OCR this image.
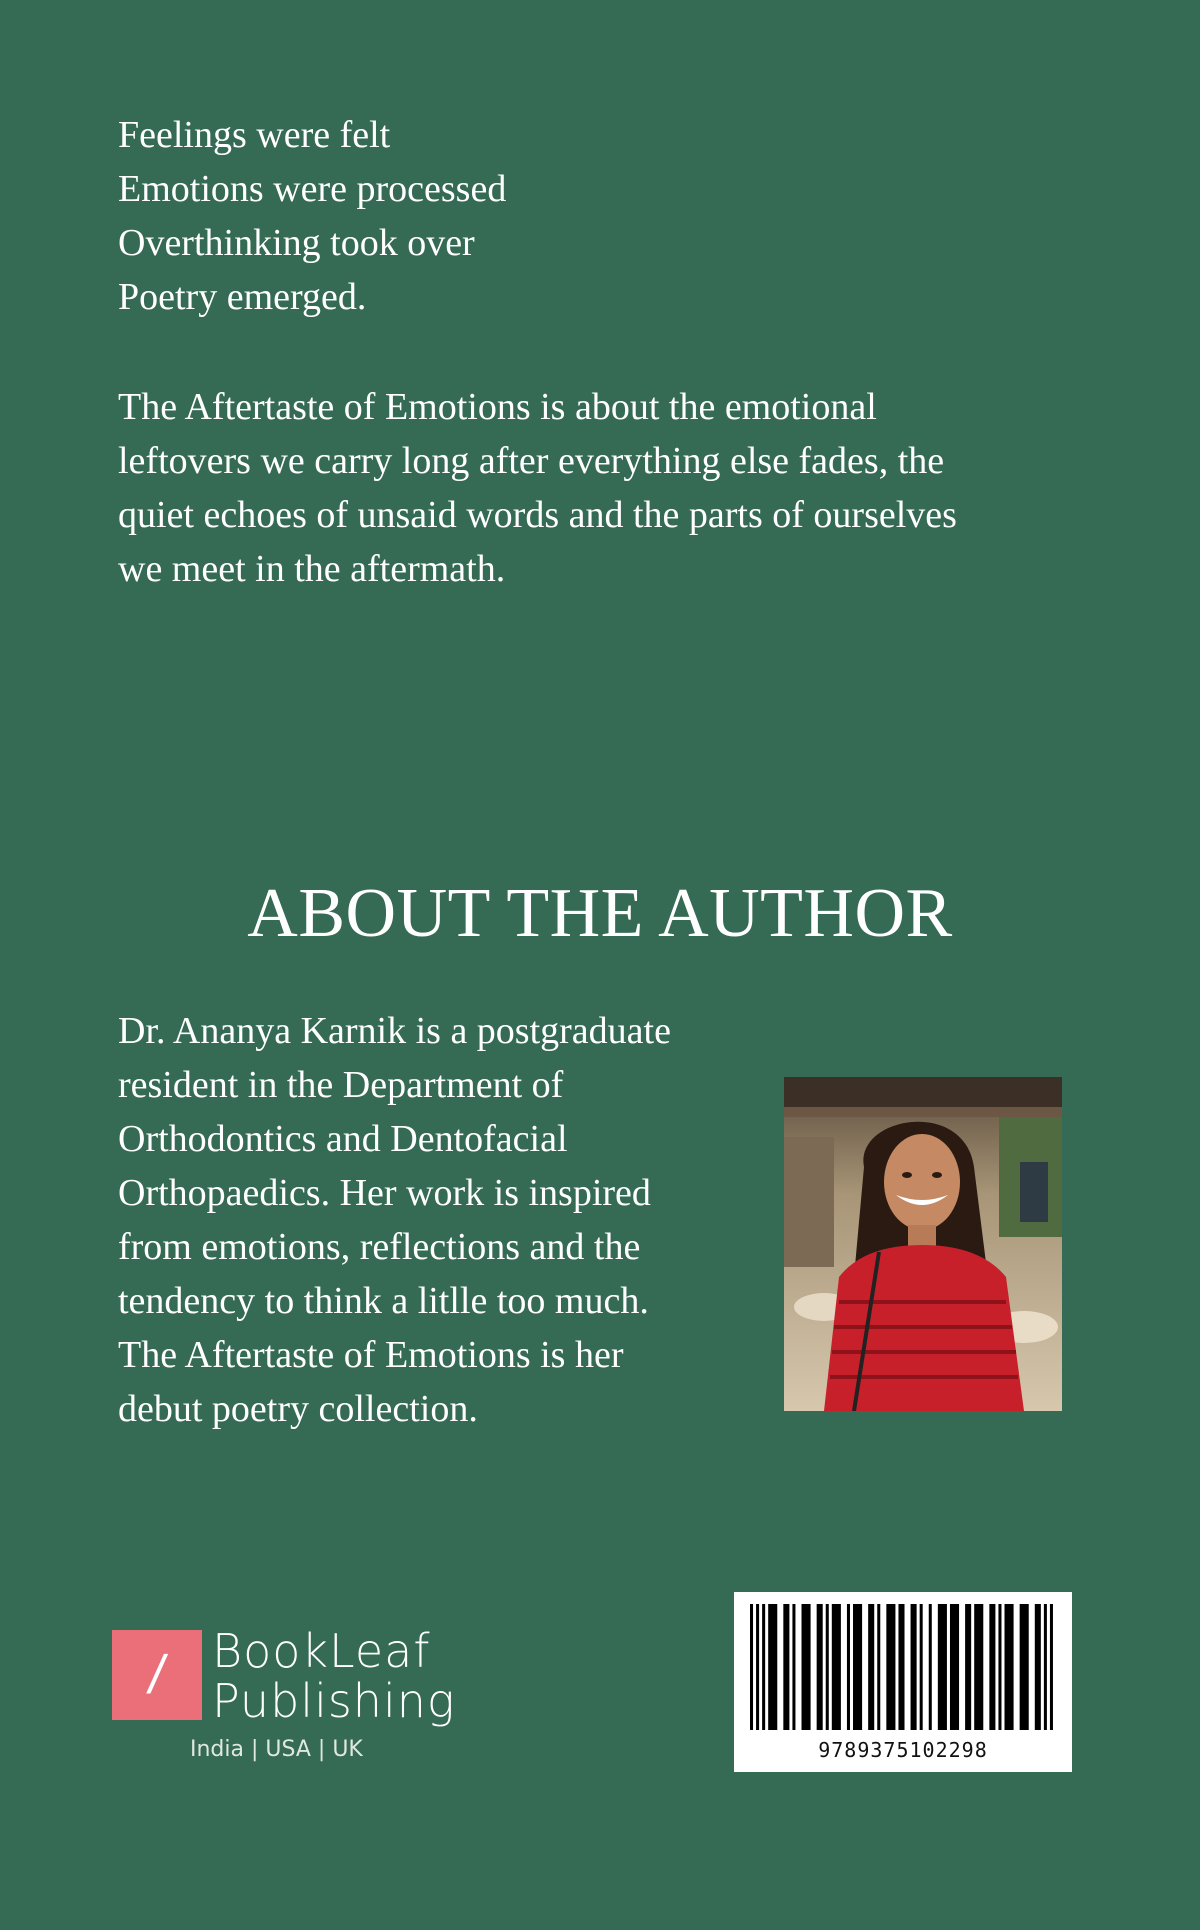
Feelings were felt
Emotions were processed
Overthinking took over
Poetry emerged.
The Aftertaste of Emotions is about the emotional
leftovers we carry long after everything else fades, the
quiet echoes of unsaid words and the parts of ourselves
we meet in the aftermath.
ABOUT THE AUTHOR
Dr. Ananya Karnik is a postgraduate
resident in the Department of
Orthodontics and Dentofacial
Orthopaedics. Her work is inspired
from emotions, reflections and the
tendency to think a litlle too much.
The Aftertaste of Emotions is her
debut poetry collection.
/ BookLeaf
Publishing
India | USA | UK	9789375102298
